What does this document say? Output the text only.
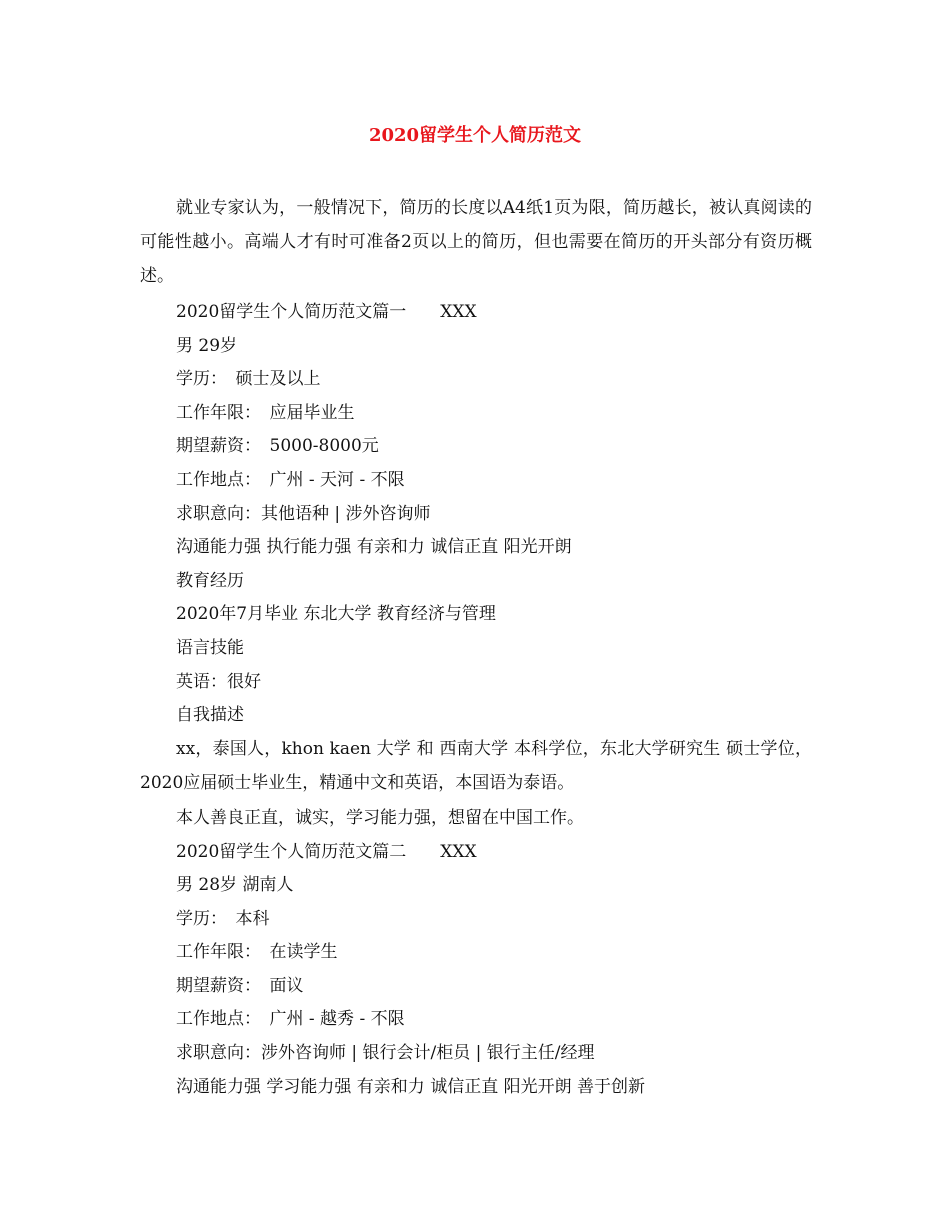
2020留学生个人简历范文

就业专家认为，一般情况下，简历的长度以A4纸1页为限，简历越长，被认真阅读的可能性越小。高端人才有时可准备2页以上的简历，但也需要在简历的开头部分有资历概述。

2020留学生个人简历范文篇一　　XXX

男 29岁

学历：　硕士及以上

工作年限：　应届毕业生

期望薪资：　5000-8000元

工作地点：　广州 - 天河 - 不限

求职意向：其他语种 | 涉外咨询师

沟通能力强 执行能力强 有亲和力 诚信正直 阳光开朗

教育经历

2020年7月毕业 东北大学 教育经济与管理

语言技能

英语：很好

自我描述

xx，泰国人，khon kaen 大学 和 西南大学 本科学位，东北大学研究生 硕士学位，2020应届硕士毕业生，精通中文和英语，本国语为泰语。

本人善良正直，诚实，学习能力强，想留在中国工作。

2020留学生个人简历范文篇二　　XXX

男 28岁 湖南人

学历：　本科

工作年限：　在读学生

期望薪资：　面议

工作地点：　广州 - 越秀 - 不限

求职意向：涉外咨询师 | 银行会计/柜员 | 银行主任/经理

沟通能力强 学习能力强 有亲和力 诚信正直 阳光开朗 善于创新
